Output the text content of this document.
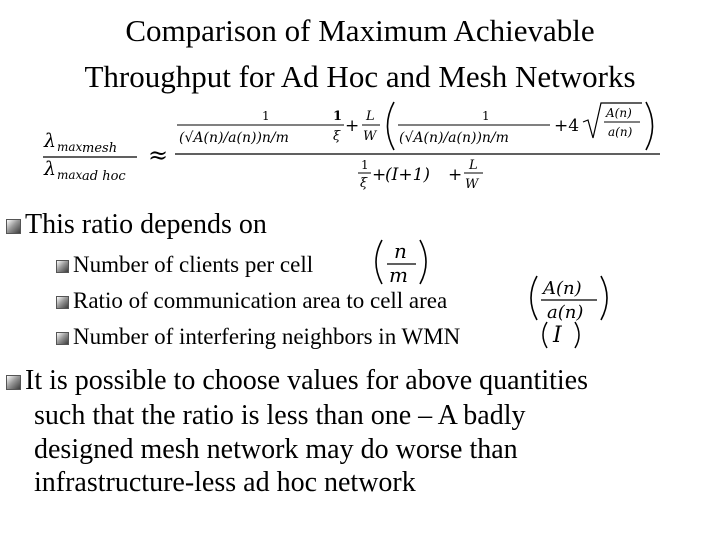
Comparison of Maximum Achievable
Throughput for Ad Hoc and Mesh Networks
λ max mesh
λ max ad hoc
≈
1
(√A(n)/a(n))n/m
1
ξ
+ L
W
1
(√A(n)/a(n))n/m
+4
A(n)
a(n)
1
ξ +
(I+1) + L
W
This ratio depends on
Number of clients per cell
n
m
Ratio of communication area to cell area	A(n)
a(n)
Number of interfering neighbors in WMN	I
It is possible to choose values for above quantities
such that the ratio is less than one – A badly
designed mesh network may do worse than
infrastructure-less ad hoc network
